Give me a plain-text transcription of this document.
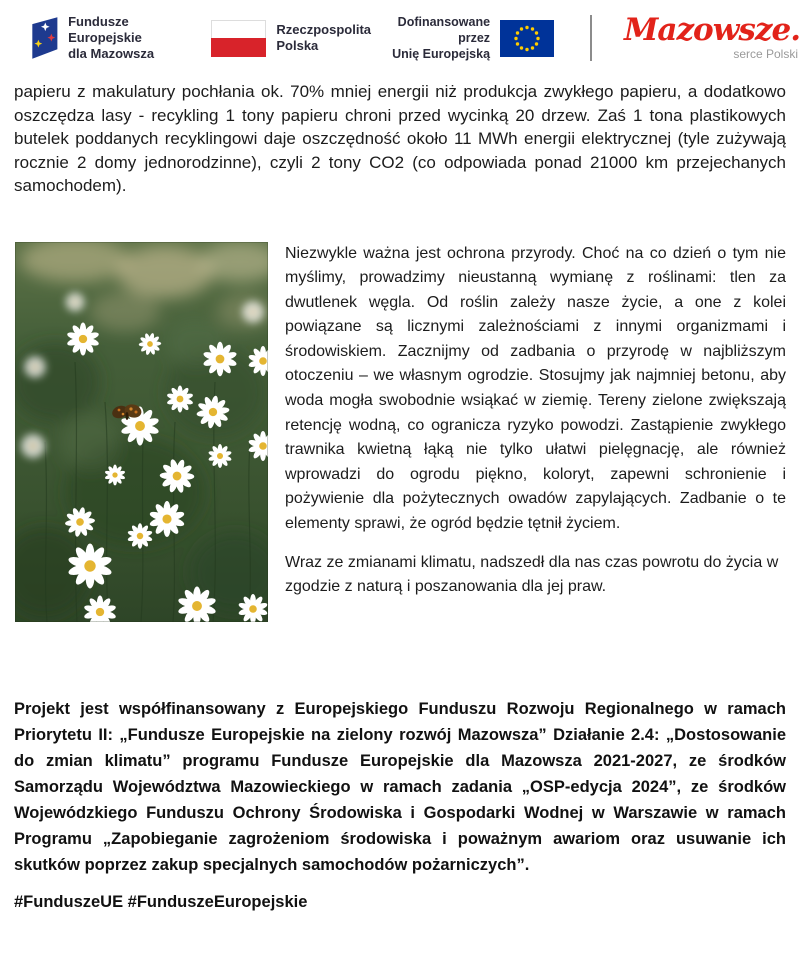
Fundusze Europejskie
dla Mazowsza
Rzeczpospolita
Polska
Dofinansowane przez
Unię Europejską
Mazowsze.
serce Polski

papieru z makulatury pochłania ok. 70% mniej energii niż produkcja zwykłego papieru, a dodatkowo oszczędza lasy - recykling 1 tony papieru chroni przed wycinką 20 drzew. Zaś 1 tona plastikowych butelek poddanych recyklingowi daje oszczędność około 11 MWh energii elektrycznej (tyle zużywają rocznie 2 domy jednorodzinne), czyli 2 tony CO2 (co odpowiada ponad 21000 km przejechanych samochodem).

Niezwykle ważna jest ochrona przyrody. Choć na co dzień o tym nie myślimy, prowadzimy nieustanną wymianę z roślinami: tlen za dwutlenek węgla. Od roślin zależy nasze życie, a one z kolei powiązane są licznymi zależnościami z innymi organizmami i środowiskiem. Zacznijmy od zadbania o przyrodę w najbliższym otoczeniu – we własnym ogrodzie. Stosujmy jak najmniej betonu, aby woda mogła swobodnie wsiąkać w ziemię. Tereny zielone zwiększają retencję wodną, co ogranicza ryzyko powodzi. Zastąpienie zwykłego trawnika kwietną łąką nie tylko ułatwi pielęgnację, ale również wprowadzi do ogrodu piękno, koloryt, zapewni schronienie i pożywienie dla pożytecznych owadów zapylających. Zadbanie o te elementy sprawi, że ogród będzie tętnił życiem.

Wraz ze zmianami klimatu, nadszedł dla nas czas powrotu do życia w zgodzie z naturą i poszanowania dla jej praw.

Projekt jest współfinansowany z Europejskiego Funduszu Rozwoju Regionalnego w ramach Priorytetu II: „Fundusze Europejskie na zielony rozwój Mazowsza” Działanie 2.4: „Dostosowanie do zmian klimatu” programu Fundusze Europejskie dla Mazowsza 2021-2027, ze środków Samorządu Województwa Mazowieckiego w ramach zadania „OSP-edycja 2024”, ze środków Wojewódzkiego Funduszu Ochrony Środowiska i Gospodarki Wodnej w Warszawie w ramach Programu „Zapobieganie zagrożeniom środowiska i poważnym awariom oraz usuwanie ich skutków poprzez zakup specjalnych samochodów pożarniczych”.

#FunduszeUE #FunduszeEuropejskie
